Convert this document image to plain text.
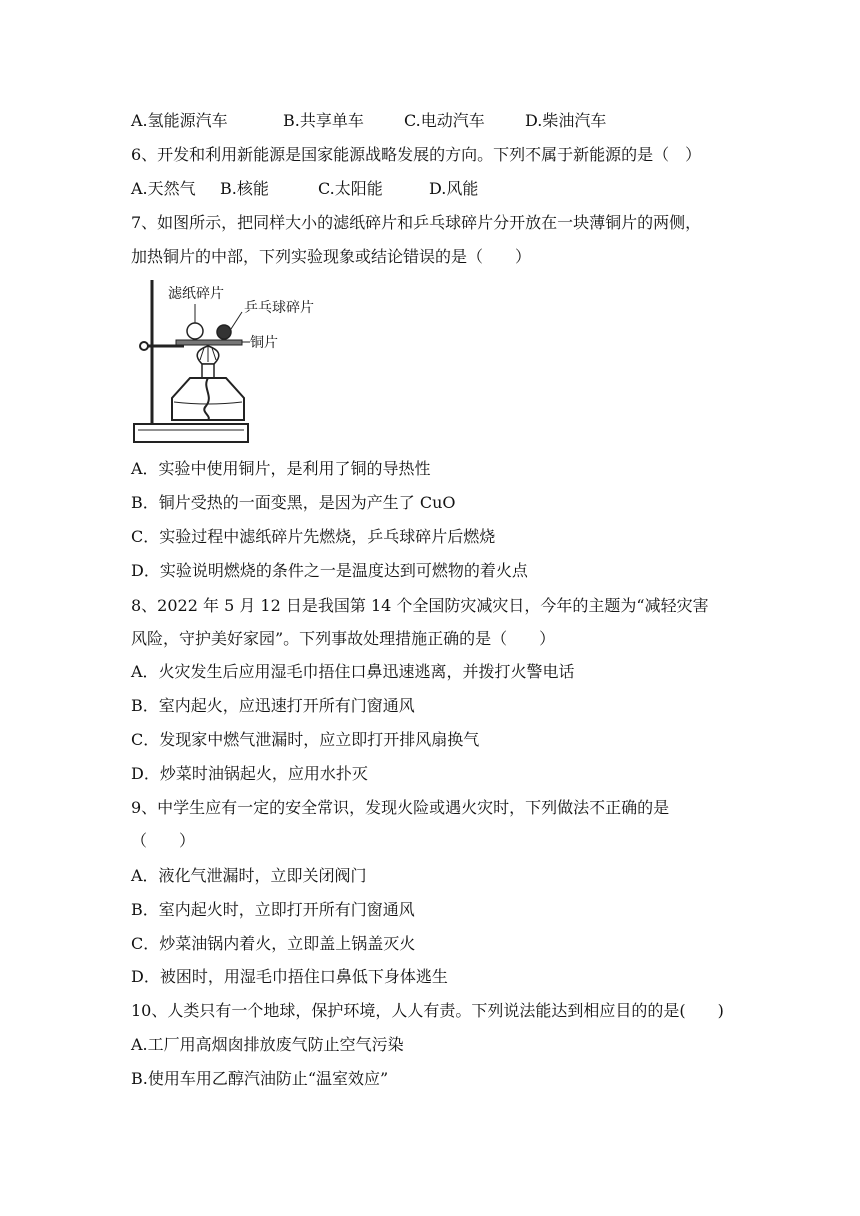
A.氢能源汽车	B.共享单车	C.电动汽车	D.柴油汽车
6、开发和利用新能源是国家能源战略发展的方向。下列不属于新能源的是（　）
A.天然气 B.核能	C.太阳能	D.风能
7、如图所示，把同样大小的滤纸碎片和乒乓球碎片分开放在一块薄铜片的两侧，
加热铜片的中部，下列实验现象或结论错误的是（　　）
滤纸碎片
乒乓球碎片
铜片
A．实验中使用铜片，是利用了铜的导热性
B．铜片受热的一面变黑，是因为产生了 CuO
C．实验过程中滤纸碎片先燃烧，乒乓球碎片后燃烧
D．实验说明燃烧的条件之一是温度达到可燃物的着火点
8、2022 年 5 月 12 日是我国第 14 个全国防灾减灾日，今年的主题为“减轻灾害
风险，守护美好家园”。下列事故处理措施正确的是（　　）
A．火灾发生后应用湿毛巾捂住口鼻迅速逃离，并拨打火警电话
B．室内起火，应迅速打开所有门窗通风
C．发现家中燃气泄漏时，应立即打开排风扇换气
D．炒菜时油锅起火，应用水扑灭
9、中学生应有一定的安全常识，发现火险或遇火灾时，下列做法不正确的是
（　　）
A．液化气泄漏时，立即关闭阀门
B．室内起火时，立即打开所有门窗通风
C．炒菜油锅内着火，立即盖上锅盖灭火
D．被困时，用湿毛巾捂住口鼻低下身体逃生
10、人类只有一个地球，保护环境，人人有责。下列说法能达到相应目的的是(　　)
A.工厂用高烟囱排放废气防止空气污染
B.使用车用乙醇汽油防止“温室效应”
